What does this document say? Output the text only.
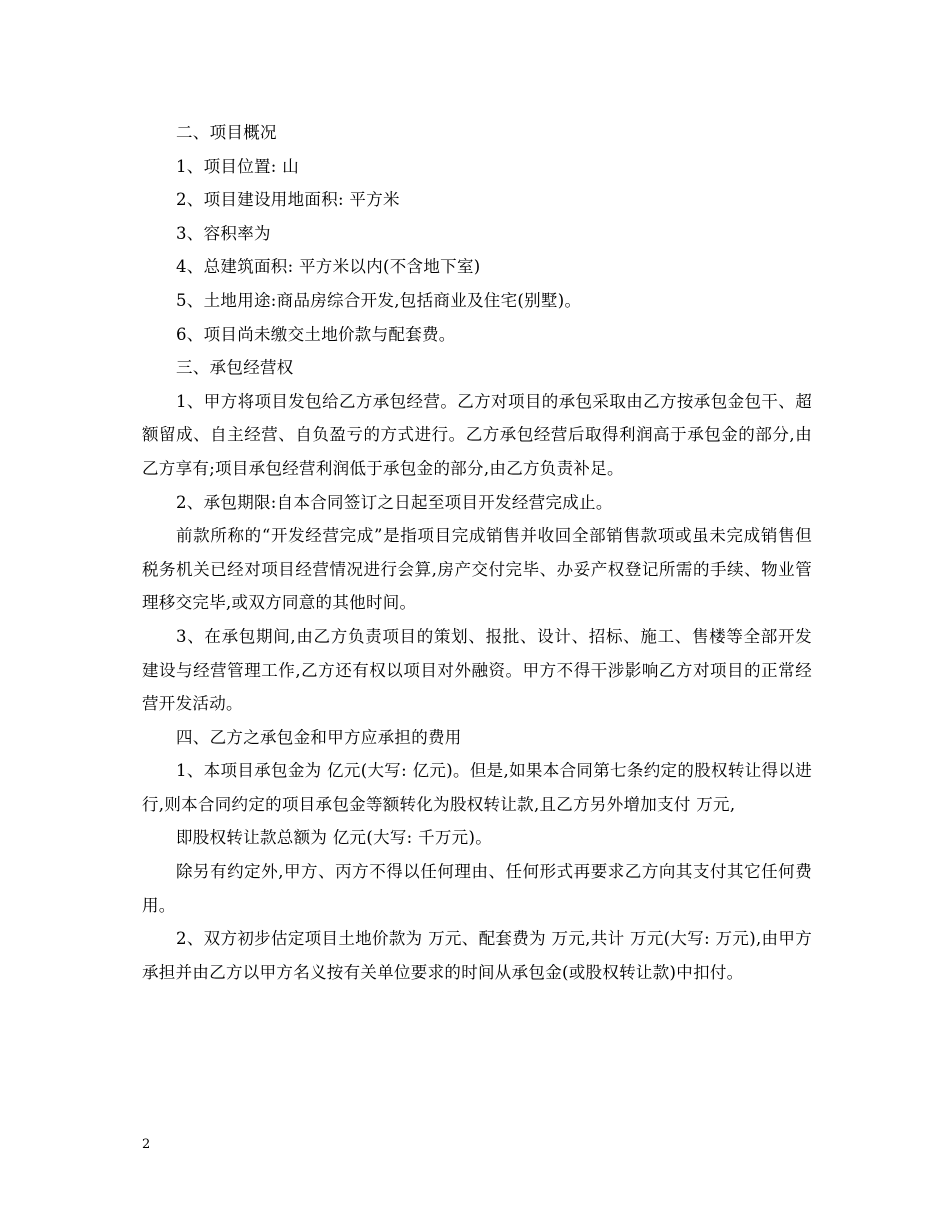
二、项目概况

1、项目位置: 山

2、项目建设用地面积: 平方米

3、容积率为

4、总建筑面积: 平方米以内(不含地下室)

5、土地用途:商品房综合开发,包括商业及住宅(别墅)。

6、项目尚未缴交土地价款与配套费。

三、承包经营权

1、甲方将项目发包给乙方承包经营。乙方对项目的承包采取由乙方按承包金包干、超额留成、自主经营、自负盈亏的方式进行。乙方承包经营后取得利润高于承包金的部分,由乙方享有;项目承包经营利润低于承包金的部分,由乙方负责补足。

2、承包期限:自本合同签订之日起至项目开发经营完成止。

前款所称的“开发经营完成”是指项目完成销售并收回全部销售款项或虽未完成销售但税务机关已经对项目经营情况进行会算,房产交付完毕、办妥产权登记所需的手续、物业管理移交完毕,或双方同意的其他时间。

3、在承包期间,由乙方负责项目的策划、报批、设计、招标、施工、售楼等全部开发建设与经营管理工作,乙方还有权以项目对外融资。甲方不得干涉影响乙方对项目的正常经营开发活动。

四、乙方之承包金和甲方应承担的费用

1、本项目承包金为 亿元(大写: 亿元)。但是,如果本合同第七条约定的股权转让得以进行,则本合同约定的项目承包金等额转化为股权转让款,且乙方另外增加支付 万元,

即股权转让款总额为 亿元(大写: 千万元)。

除另有约定外,甲方、丙方不得以任何理由、任何形式再要求乙方向其支付其它任何费用。

2、双方初步估定项目土地价款为 万元、配套费为 万元,共计 万元(大写: 万元),由甲方承担并由乙方以甲方名义按有关单位要求的时间从承包金(或股权转让款)中扣付。

2
